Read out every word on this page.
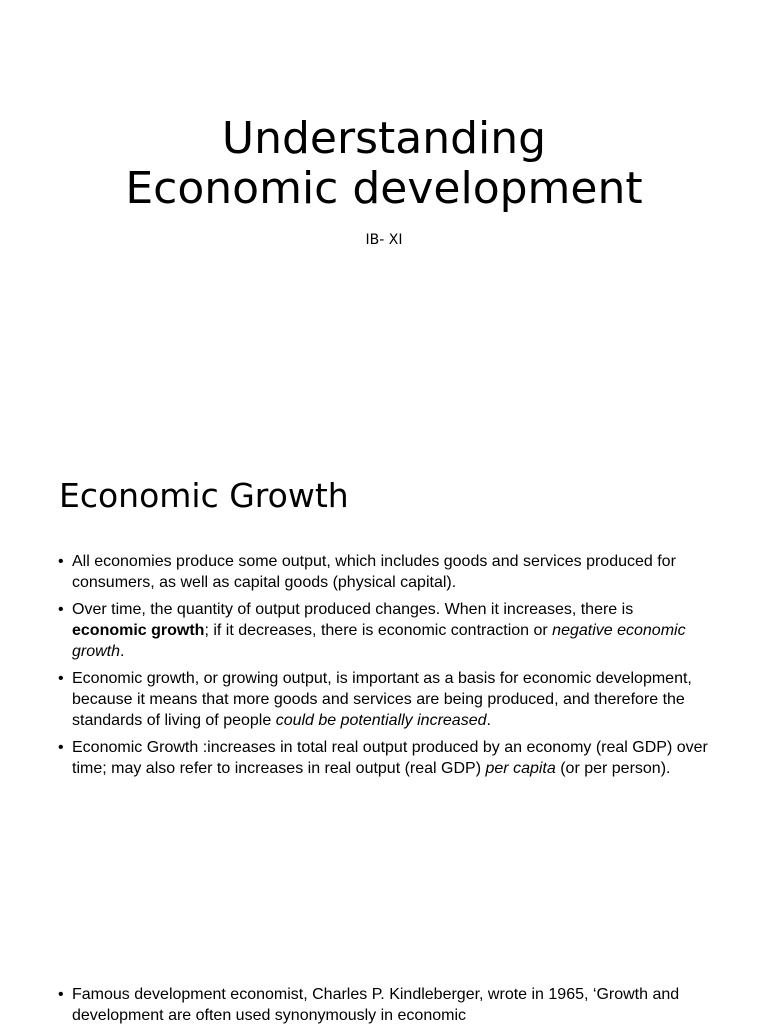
Understanding
Economic development
IB- XI
Economic Growth
• All economies produce some output, which includes goods and services produced for consumers, as well as capital goods (physical capital).
• Over time, the quantity of output produced changes. When it increases, there is economic growth; if it decreases, there is economic contraction or negative economic growth.
• Economic growth, or growing output, is important as a basis for economic development, because it means that more goods and services are being produced, and therefore the standards of living of people could be potentially increased.
• Economic Growth :increases in total real output produced by an economy (real GDP) over time; may also refer to increases in real output (real GDP) per capita (or per person).
• Famous development economist, Charles P. Kindleberger, wrote in 1965, ‘Growth and development are often used synonymously in economic
